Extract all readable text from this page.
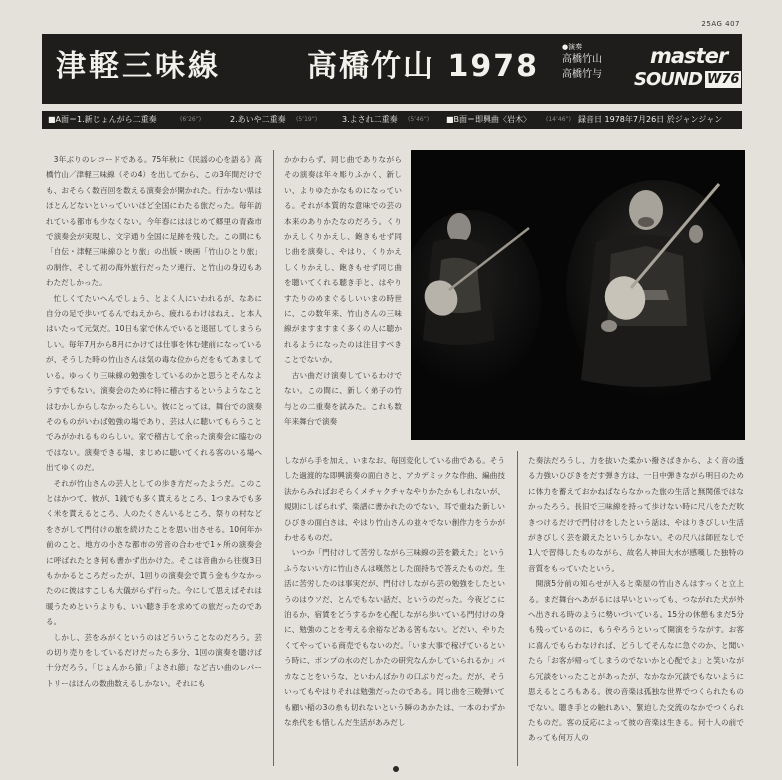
25AG 407
津軽三味線	高橋竹山 1978
●演奏
高橋竹山
高橋竹与
master
SOUND W76
■A面＝1.新じょんがら二重奏	(6’26”)	2.あいや二重奏 (5’19”)	3.よされ二重奏 (5’46”) ■B面＝即興曲〈岩木〉 (14’46”) 録音日 1978年7月26日 於ジャンジャン

3年ぶりのレコードである。75年秋に《民謡の心を語る》高橋竹山／津軽三味線（その4）を出してから、この3年間だけでも、おそらく数百回を数える演奏会が開かれた。行かない県はほとんどないといっていいほど全国にわたる旅だった。毎年訪れている都市も少なくない。今年春にははじめて郷里の青森市で演奏会が実現し、文字通り全国に足跡を残した。この間にも「自伝・津軽三味線ひとり旅」の出版・映画「竹山ひとり旅」の制作、そして初の海外旅行だったソ連行、と竹山の身辺もあわただしかった。

忙しくてたいへんでしょう、とよく人にいわれるが、なあに自分の足で歩いてるんでねえから、疲れるわけはねえ、と本人はいたって元気だ。10日も家で休んでいると退屈してしまうらしい。毎年7月から8月にかけては仕事を休む建前になっているが、そうした時の竹山さんは気の毒な位からだをもてあましている。ゆっくり三味線の勉強をしているのかと思うとそんなようすでもない。演奏会のために特に稽古するというようなことはむかしからしなかったらしい。彼にとっては、舞台での演奏そのものがいわば勉強の場であり、芸は人に聴いてもらうことでみがかれるものらしい。家で稽古して余った演奏会に臨むのではない。演奏できる場、まじめに聴いてくれる客のいる場へ出てゆくのだ。

それが竹山さんの芸人としての歩き方だったようだ。このことはかつて、彼が、1銭でも多く貰えるところ、1つまみでも多く米を貰えるところ、人のたくさんいるところ、祭りの村などをさがして門付けの旅を続けたことを思い出させる。10何年か前のこと、地方の小さな都市の労音の合わせで1ヶ所の演奏会に呼ばれたとき何も書かず出かけた。そこは音曲から往復3日もかかるところだったが、1回りの演奏会で貰う金も少なかったのに彼はすこしも大儀がらず行った。今にして思えばそれは暖うためというよりも、いい聴き手を求めての旅だったのである。

しかし、芸をみがくというのはどういうことなのだろう。芸の切り売りをしているだけだったら多分、1回の演奏を聴けば十分だろう。「じょんから節」「よされ節」など古い曲のレパートリーはほんの数曲数えるしかない。それにも

かかわらず、同じ曲でありながらその演奏は年々彫りふかく、新しい、よりゆたかなものになっている。それが本質的な意味での芸の本来のありかたなのだろう。くりかえしくりかえし、飽きもせず同じ曲を演奏し、やはり、くりかえしくりかえし、飽きもせず同じ曲を聴いてくれる聴き手と、はやりすたりのめまぐるしいいまの時世に、この数年来、竹山さんの三味線がますますまく多くの人に聴かれるようになったのは注目すべきことでないか。

古い曲だけ演奏しているわけでない。この間に、新しく弟子の竹与との二重奏を試みた。これも数年来舞台で演奏

しながら手を加え、いまなお、毎回変化している曲である。そうした過渡的な即興演奏の面白さと、アカデミックな作曲、編曲技法からみればおそらくメチャクチャなやりかたかもしれないが、規則にしばられず、楽譜に書かれたのでない、耳で重ねた新しいひびきの面白さは、やはり竹山さんの並々でない創作力をうかがわせるものだ。

いつか「門付けして苦労しながら三味線の芸を鍛えた」というふうないい方に竹山さんは嘆然とした面持ちで答えたものだ。生活に苦労したのは事実だが、門付けしながら芸の勉強をしたというのはウソだ、とんでもない話だ、というのだった。今夜どこに泊るか、宿賃をどうするかを心配しながら歩いている門付けの身に、勉強のことを考える余裕などある筈もない。どだい、やりたくてやっている商売でもないのだ。「いま大事で稼げているという時に、ボンプの水のだしかたの研究なんかしていられるか」バカなことをいうな、といわんばかりの口ぶりだった。だが、そういってもやはりそれは勉強だったのである。同じ曲を三晩弾いても顧い稲の3の糸も切れないという瞬のあかたは、一本のわずかな糸代をも惜しんだ生活があみだし

た奏法だろうし、力を抜いた柔かい撥さばきから、よく音の透る力強いひびきをだす弾き方は、一日中弾きながら明日のために体力を蓄えておかねばならなかった旅の生活と無関係ではなかったろう。長旧で三味線を持って歩けない時に尺八をただ吹きつけるだけで門付けをしたという話は、やはりきびしい生活がきびしく芸を鍛えたというしかない。その尺八は師匠なしで1人で習得したものながら、故名人神田大水が感嘆した独特の音質をもっていたという。

開演5分前の知らせが入ると楽屋の竹山さんはすっくと立上る。まだ舞台へあがるには早いといっても、つながれた犬が外へ出される時のように勢いづいている。15分の休憩もまだ5分も残っているのに、もうやろうといって開演をうながす。お客に喜んでもらわなければ、どうしてそんなに急ぐのか、と聞いたら「お客が帰ってしまうのでないかと心配でよ」と笑いながら冗談をいったことがあったが、なかなか冗談でもないように思えるところもある。彼の音楽は孤独な世界でつくられたものでない。聴き手との触れあい、緊迫した交流のなかでつくられたものだ。客の反応によって彼の音楽は生きる。何十人の前であっても何万人の
